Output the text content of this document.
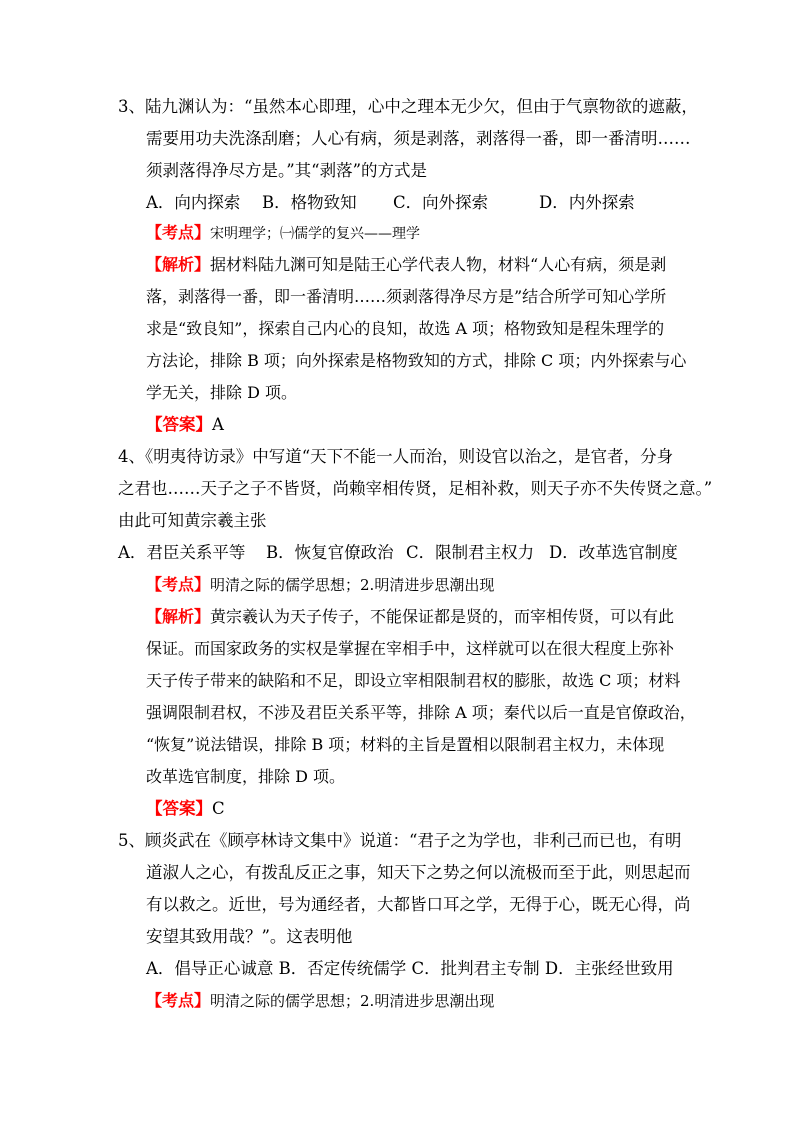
3、陆九渊认为：“虽然本心即理，心中之理本无少欠，但由于气禀物欲的遮蔽，
需要用功夫洗涤刮磨；人心有病，须是剥落，剥落得一番，即一番清明……
须剥落得净尽方是。”其“剥落”的方式是
A．向内探索 B．格物致知 C．向外探索	D．内外探索
【考点】宋明理学；㈠儒学的复兴——理学
【解析】据材料陆九渊可知是陆王心学代表人物，材料“人心有病，须是剥
落，剥落得一番，即一番清明……须剥落得净尽方是”结合所学可知心学所
求是“致良知”，探索自己内心的良知，故选 A 项；格物致知是程朱理学的
方法论，排除 B 项；向外探索是格物致知的方式，排除 C 项；内外探索与心
学无关，排除 D 项。
【答案】A
4、《明夷待访录》中写道“天下不能一人而治，则设官以治之，是官者，分身
之君也……天子之子不皆贤，尚赖宰相传贤，足相补救，则天子亦不失传贤之意。”
由此可知黄宗羲主张
A．君臣关系平等 B．恢复官僚政治 C．限制君主权力 D．改革选官制度
【考点】明清之际的儒学思想；2.明清进步思潮出现
【解析】黄宗羲认为天子传子，不能保证都是贤的，而宰相传贤，可以有此
保证。而国家政务的实权是掌握在宰相手中，这样就可以在很大程度上弥补
天子传子带来的缺陷和不足，即设立宰相限制君权的膨胀，故选 C 项；材料
强调限制君权，不涉及君臣关系平等，排除 A 项；秦代以后一直是官僚政治，
“恢复”说法错误，排除 B 项；材料的主旨是置相以限制君主权力，未体现
改革选官制度，排除 D 项。
【答案】C
5、顾炎武在《顾亭林诗文集中》说道：“君子之为学也，非利己而已也，有明
道淑人之心，有拨乱反正之事，知天下之势之何以流极而至于此，则思起而
有以救之。近世，号为通经者，大都皆口耳之学，无得于心，既无心得，尚
安望其致用哉？”。这表明他
A．倡导正心诚意 B．否定传统儒学 C．批判君主专制 D．主张经世致用
【考点】明清之际的儒学思想；2.明清进步思潮出现
